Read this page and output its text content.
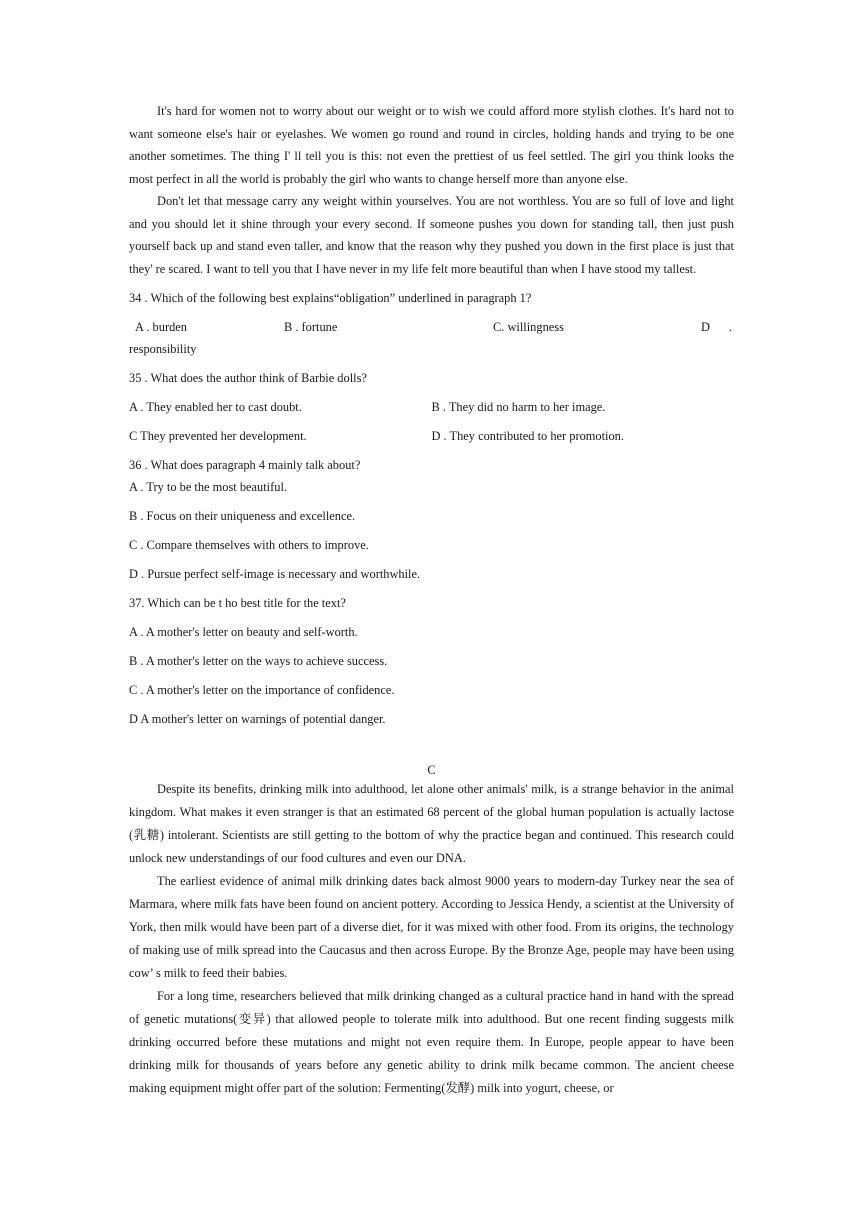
It's hard for women not to worry about our weight or to wish we could afford more stylish clothes. It's hard not to want someone else's hair or eyelashes. We women go round and round in circles, holding hands and trying to be one another sometimes. The thing I' ll tell you is this: not even the prettiest of us feel settled. The girl you think looks the most perfect in all the world is probably the girl who wants to change herself more than anyone else.

Don't let that message carry any weight within yourselves. You are not worthless. You are so full of love and light and you should let it shine through your every second. If someone pushes you down for standing tall, then just push yourself back up and stand even taller, and know that the reason why they pushed you down in the first place is just that they' re scared. I want to tell you that I have never in my life felt more beautiful than when I have stood my tallest.

34 . Which of the following best explains“obligation” underlined in paragraph 1?

A . burden	B . fortune	C. willingness	D .
responsibility

35 . What does the author think of Barbie dolls?

A . They enabled her to cast doubt.	B . They did no harm to her image.
C They prevented her development.	D . They contributed to her promotion.

36 . What does paragraph 4 mainly talk about?

A . Try to be the most beautiful.

B . Focus on their uniqueness and excellence.

C . Compare themselves with others to improve.

D . Pursue perfect self-image is necessary and worthwhile.

37. Which can be t ho best title for the text?

A . A mother's letter on beauty and self-worth.

B . A mother's letter on the ways to achieve success.

C . A mother's letter on the importance of confidence.

D A mother's letter on warnings of potential danger.

C

Despite its benefits, drinking milk into adulthood, let alone other animals' milk, is a strange behavior in the animal kingdom. What makes it even stranger is that an estimated 68 percent of the global human population is actually lactose (乳糖) intolerant. Scientists are still getting to the bottom of why the practice began and continued. This research could unlock new understandings of our food cultures and even our DNA.

The earliest evidence of animal milk drinking dates back almost 9000 years to modern-day Turkey near the sea of Marmara, where milk fats have been found on ancient pottery. According to Jessica Hendy, a scientist at the University of York, then milk would have been part of a diverse diet, for it was mixed with other food. From its origins, the technology of making use of milk spread into the Caucasus and then across Europe. By the Bronze Age, people may have been using cow’ s milk to feed their babies.

For a long time, researchers believed that milk drinking changed as a cultural practice hand in hand with the spread of genetic mutations(变异) that allowed people to tolerate milk into adulthood. But one recent finding suggests milk drinking occurred before these mutations and might not even require them. In Europe, people appear to have been drinking milk for thousands of years before any genetic ability to drink milk became common. The ancient cheese making equipment might offer part of the solution: Fermenting(发酵) milk into yogurt, cheese, or
